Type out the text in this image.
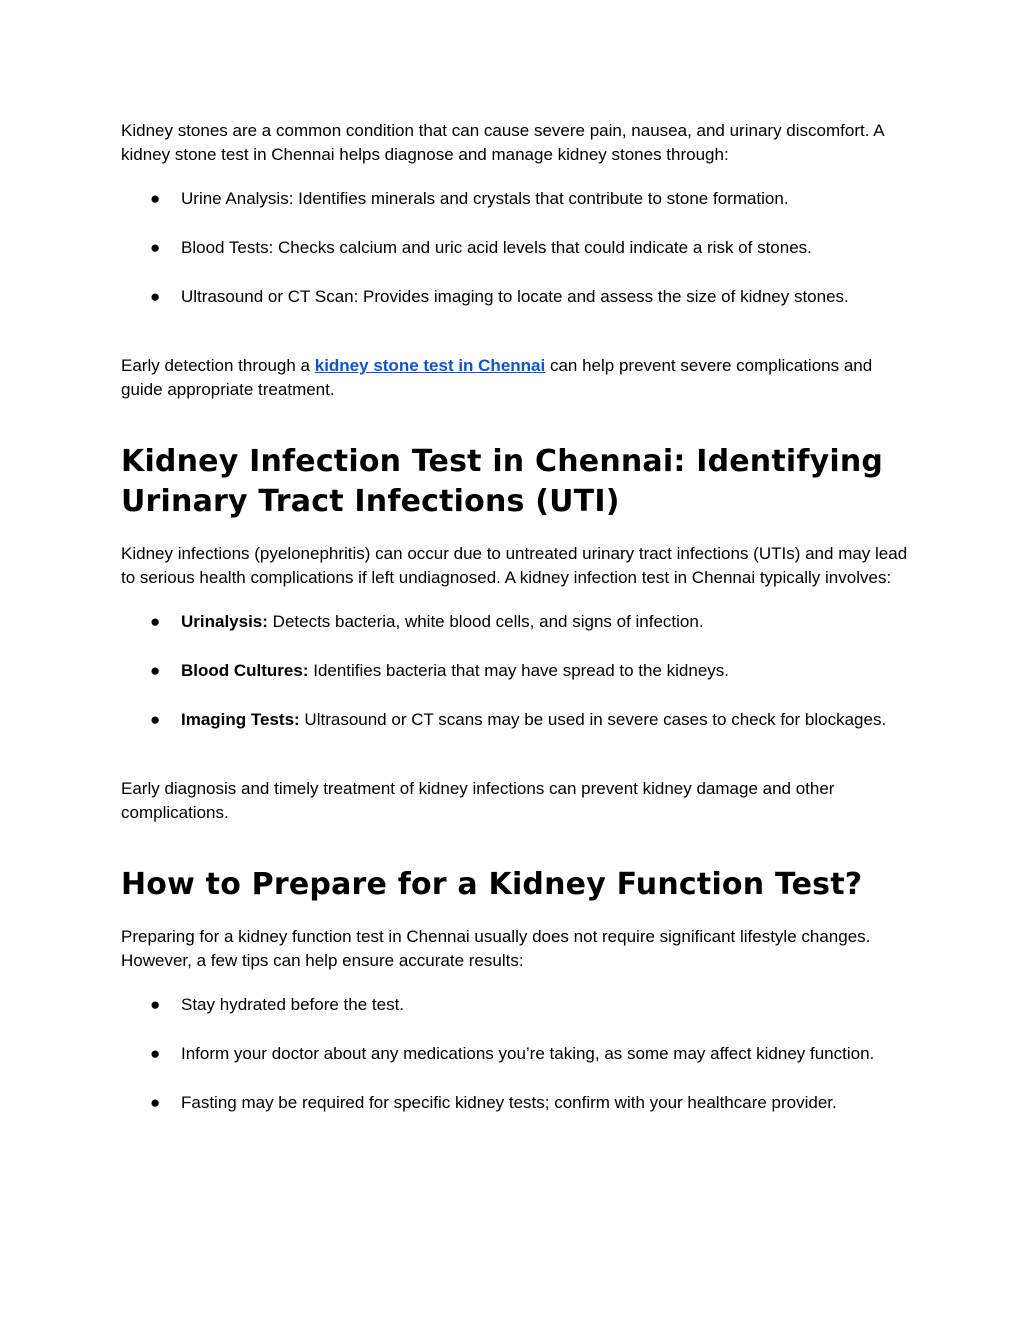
Kidney stones are a common condition that can cause severe pain, nausea, and urinary discomfort. A kidney stone test in Chennai helps diagnose and manage kidney stones through:

● Urine Analysis: Identifies minerals and crystals that contribute to stone formation.
● Blood Tests: Checks calcium and uric acid levels that could indicate a risk of stones.
● Ultrasound or CT Scan: Provides imaging to locate and assess the size of kidney stones.

Early detection through a kidney stone test in Chennai can help prevent severe complications and guide appropriate treatment.

Kidney Infection Test in Chennai: Identifying Urinary Tract Infections (UTI)

Kidney infections (pyelonephritis) can occur due to untreated urinary tract infections (UTIs) and may lead to serious health complications if left undiagnosed. A kidney infection test in Chennai typically involves:

● Urinalysis: Detects bacteria, white blood cells, and signs of infection.
● Blood Cultures: Identifies bacteria that may have spread to the kidneys.
● Imaging Tests: Ultrasound or CT scans may be used in severe cases to check for blockages.

Early diagnosis and timely treatment of kidney infections can prevent kidney damage and other complications.

How to Prepare for a Kidney Function Test?

Preparing for a kidney function test in Chennai usually does not require significant lifestyle changes. However, a few tips can help ensure accurate results:

● Stay hydrated before the test.
● Inform your doctor about any medications you’re taking, as some may affect kidney function.
● Fasting may be required for specific kidney tests; confirm with your healthcare provider.
